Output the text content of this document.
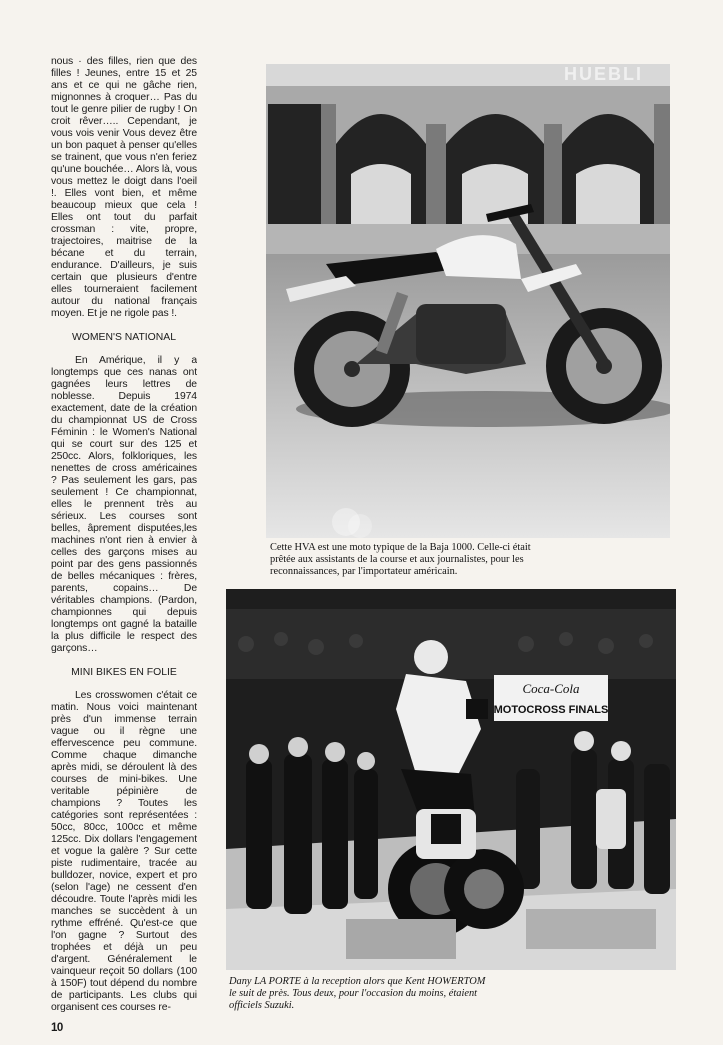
nous · des filles, rien que des filles ! Jeunes, entre 15 et 25 ans et ce qui ne gâche rien, mignonnes à croquer… Pas du tout le genre pilier de rugby ! On croit rêver….. Cependant, je vous vois venir Vous devez être un bon paquet à penser qu'elles se trainent, que vous n'en feriez qu'une bouchée… Alors là, vous vous mettez le doigt dans l'oeil !. Elles vont bien, et même beaucoup mieux que cela ! Elles ont tout du parfait crossman : vite, propre, trajectoires, maitrise de la bécane et du terrain, endurance. D'ailleurs, je suis certain que plusieurs d'entre elles tourneraient facilement autour du national français moyen. Et je ne rigole pas !.

WOMEN'S NATIONAL

En Amérique, il y a longtemps que ces nanas ont gagnées leurs lettres de noblesse. Depuis 1974 exactement, date de la création du championnat US de Cross Féminin : le Women's National qui se court sur des 125 et 250cc. Alors, folkloriques, les nenettes de cross américaines ? Pas seulement les gars, pas seulement ! Ce championnat, elles le prennent très au sérieux. Les courses sont belles, âprement disputées,les machines n'ont rien à envier à celles des garçons mises au point par des gens passionnés de belles mécaniques : frères, parents, copains… De véritables champions. (Pardon, championnes qui depuis longtemps ont gagné la bataille la plus difficile le respect des garçons…

MINI BIKES EN FOLIE

Les crosswomen c'était ce matin. Nous voici maintenant près d'un immense terrain vague ou il règne une effervescence peu commune. Comme chaque dimanche après midi, se déroulent là des courses de mini-bikes. Une veritable pépinière de champions ? Toutes les catégories sont représentées : 50cc, 80cc, 100cc et même 125cc. Dix dollars l'engagement et vogue la galère ? Sur cette piste rudimentaire, tracée au bulldozer, novice, expert et pro (selon l'age) ne cessent d'en découdre. Toute l'après midi les manches se succèdent à un rythme effréné. Qu'est-ce que l'on gagne ? Surtout des trophées et déjà un peu d'argent. Généralement le vainqueur reçoit 50 dollars (100 à 150F) tout dépend du nombre de participants. Les clubs qui organisent ces courses re-

HUEBLI
Cette HVA est une moto typique de la Baja 1000. Celle-ci était prêtée aux assistants de la course et aux journalistes, pour les reconnaissances, par l'importateur américain.
Coca-Cola
MOTOCROSS FINALS
Dany LA PORTE à la reception alors que Kent HOWERTOM le suit de près. Tous deux, pour l'occasion du moins, étaient officiels Suzuki.
10
